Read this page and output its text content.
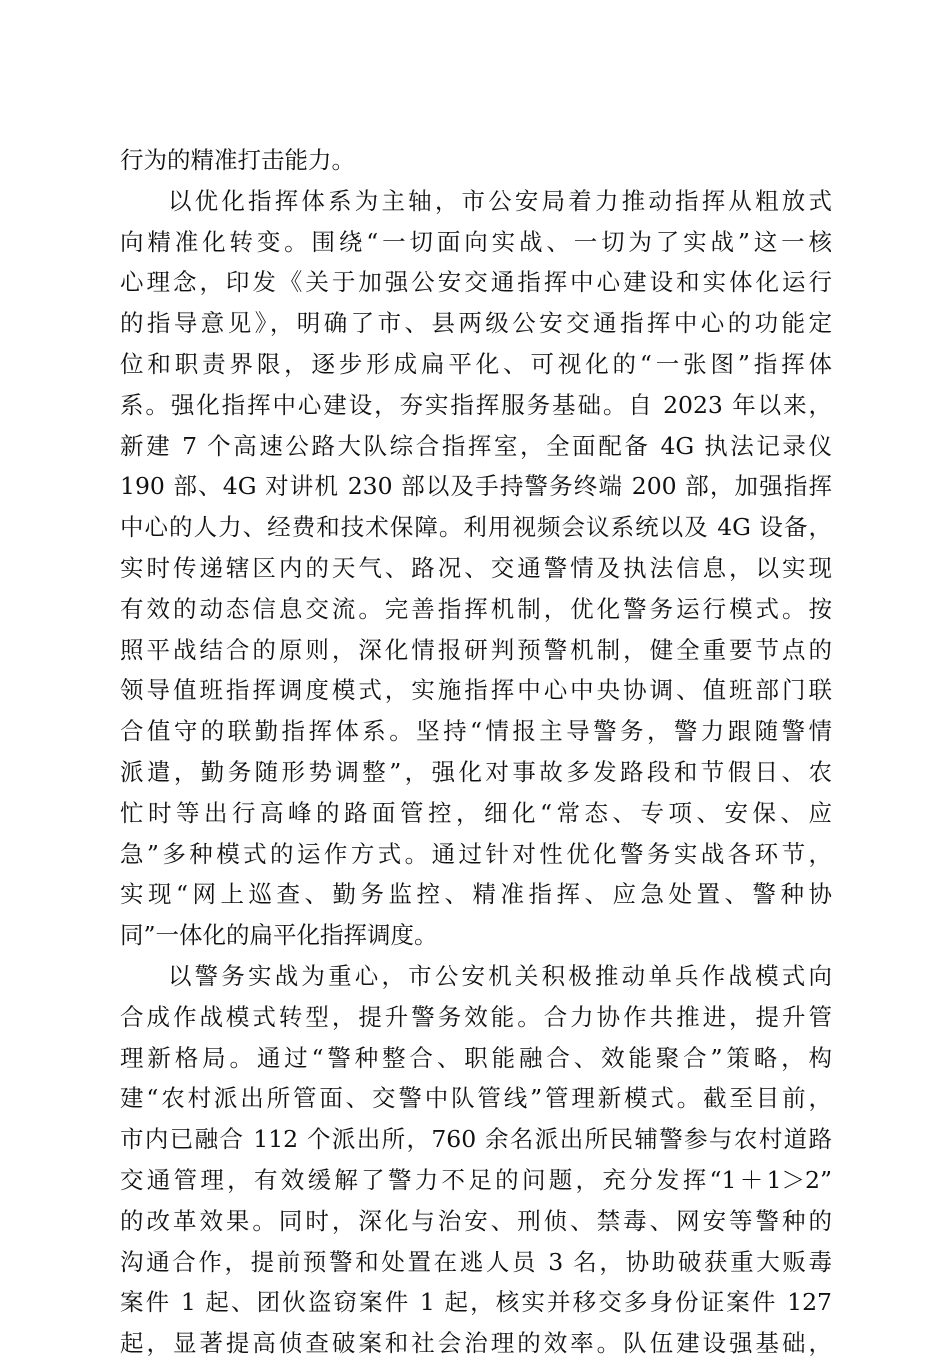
行为的精准打击能力。
以优化指挥体系为主轴，市公安局着力推动指挥从粗放式
向精准化转变。围绕“一切面向实战、一切为了实战”这一核
心理念，印发《关于加强公安交通指挥中心建设和实体化运行
的指导意见》，明确了市、县两级公安交通指挥中心的功能定
位和职责界限，逐步形成扁平化、可视化的“一张图”指挥体
系。强化指挥中心建设，夯实指挥服务基础。自 2023 年以来，
新建 7 个高速公路大队综合指挥室，全面配备 4G 执法记录仪
190 部、4G 对讲机 230 部以及手持警务终端 200 部，加强指挥
中心的人力、经费和技术保障。利用视频会议系统以及 4G 设备，
实时传递辖区内的天气、路况、交通警情及执法信息，以实现
有效的动态信息交流。完善指挥机制，优化警务运行模式。按
照平战结合的原则，深化情报研判预警机制，健全重要节点的
领导值班指挥调度模式，实施指挥中心中央协调、值班部门联
合值守的联勤指挥体系。坚持“情报主导警务，警力跟随警情
派遣，勤务随形势调整”，强化对事故多发路段和节假日、农
忙时等出行高峰的路面管控，细化“常态、专项、安保、应
急”多种模式的运作方式。通过针对性优化警务实战各环节，
实现“网上巡查、勤务监控、精准指挥、应急处置、警种协
同”一体化的扁平化指挥调度。
以警务实战为重心，市公安机关积极推动单兵作战模式向
合成作战模式转型，提升警务效能。合力协作共推进，提升管
理新格局。通过“警种整合、职能融合、效能聚合”策略，构
建“农村派出所管面、交警中队管线”管理新模式。截至目前，
市内已融合 112 个派出所，760 余名派出所民辅警参与农村道路
交通管理，有效缓解了警力不足的问题，充分发挥“1＋1＞2”
的改革效果。同时，深化与治安、刑侦、禁毒、网安等警种的
沟通合作，提前预警和处置在逃人员 3 名，协助破获重大贩毒
案件 1 起、团伙盗窃案件 1 起，核实并移交多身份证案件 127
起，显著提高侦查破案和社会治理的效率。队伍建设强基础，
